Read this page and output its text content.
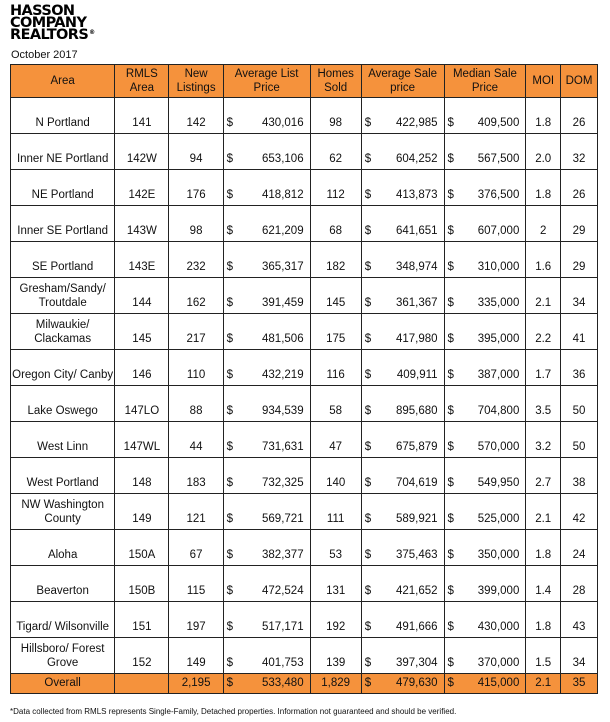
HASSON
COMPANY
REALTORS ®
October 2017
Area	RMLS Area	New Listings	Average List Price	Homes Sold	Average Sale price	Median Sale Price	MOI	DOM
N Portland	141	142	$ 430,016	98	$ 422,985	$ 409,500	1.8	26
Inner NE Portland	142W	94	$ 653,106	62	$ 604,252	$ 567,500	2.0	32
NE Portland	142E	176	$ 418,812	112	$ 413,873	$ 376,500	1.8	26
Inner SE Portland	143W	98	$ 621,209	68	$ 641,651	$ 607,000	2	29
SE Portland	143E	232	$ 365,317	182	$ 348,974	$ 310,000	1.6	29
Gresham/Sandy/ Troutdale	144	162	$ 391,459	145	$ 361,367	$ 335,000	2.1	34
Milwaukie/ Clackamas	145	217	$ 481,506	175	$ 417,980	$ 395,000	2.2	41
Oregon City/ Canby	146	110	$ 432,219	116	$ 409,911	$ 387,000	1.7	36
Lake Oswego	147LO	88	$ 934,539	58	$ 895,680	$ 704,800	3.5	50
West Linn	147WL	44	$ 731,631	47	$ 675,879	$ 570,000	3.2	50
West Portland	148	183	$ 732,325	140	$ 704,619	$ 549,950	2.7	38
NW Washington County	149	121	$ 569,721	111	$ 589,921	$ 525,000	2.1	42
Aloha	150A	67	$ 382,377	53	$ 375,463	$ 350,000	1.8	24
Beaverton	150B	115	$ 472,524	131	$ 421,652	$ 399,000	1.4	28
Tigard/ Wilsonville	151	197	$ 517,171	192	$ 491,666	$ 430,000	1.8	43
Hillsboro/ Forest Grove	152	149	$ 401,753	139	$ 397,304	$ 370,000	1.5	34
Overall		2,195	$ 533,480	1,829	$ 479,630	$ 415,000	2.1	35
*Data collected from RMLS represents Single-Family, Detached properties. Information not guaranteed and should be verified.
